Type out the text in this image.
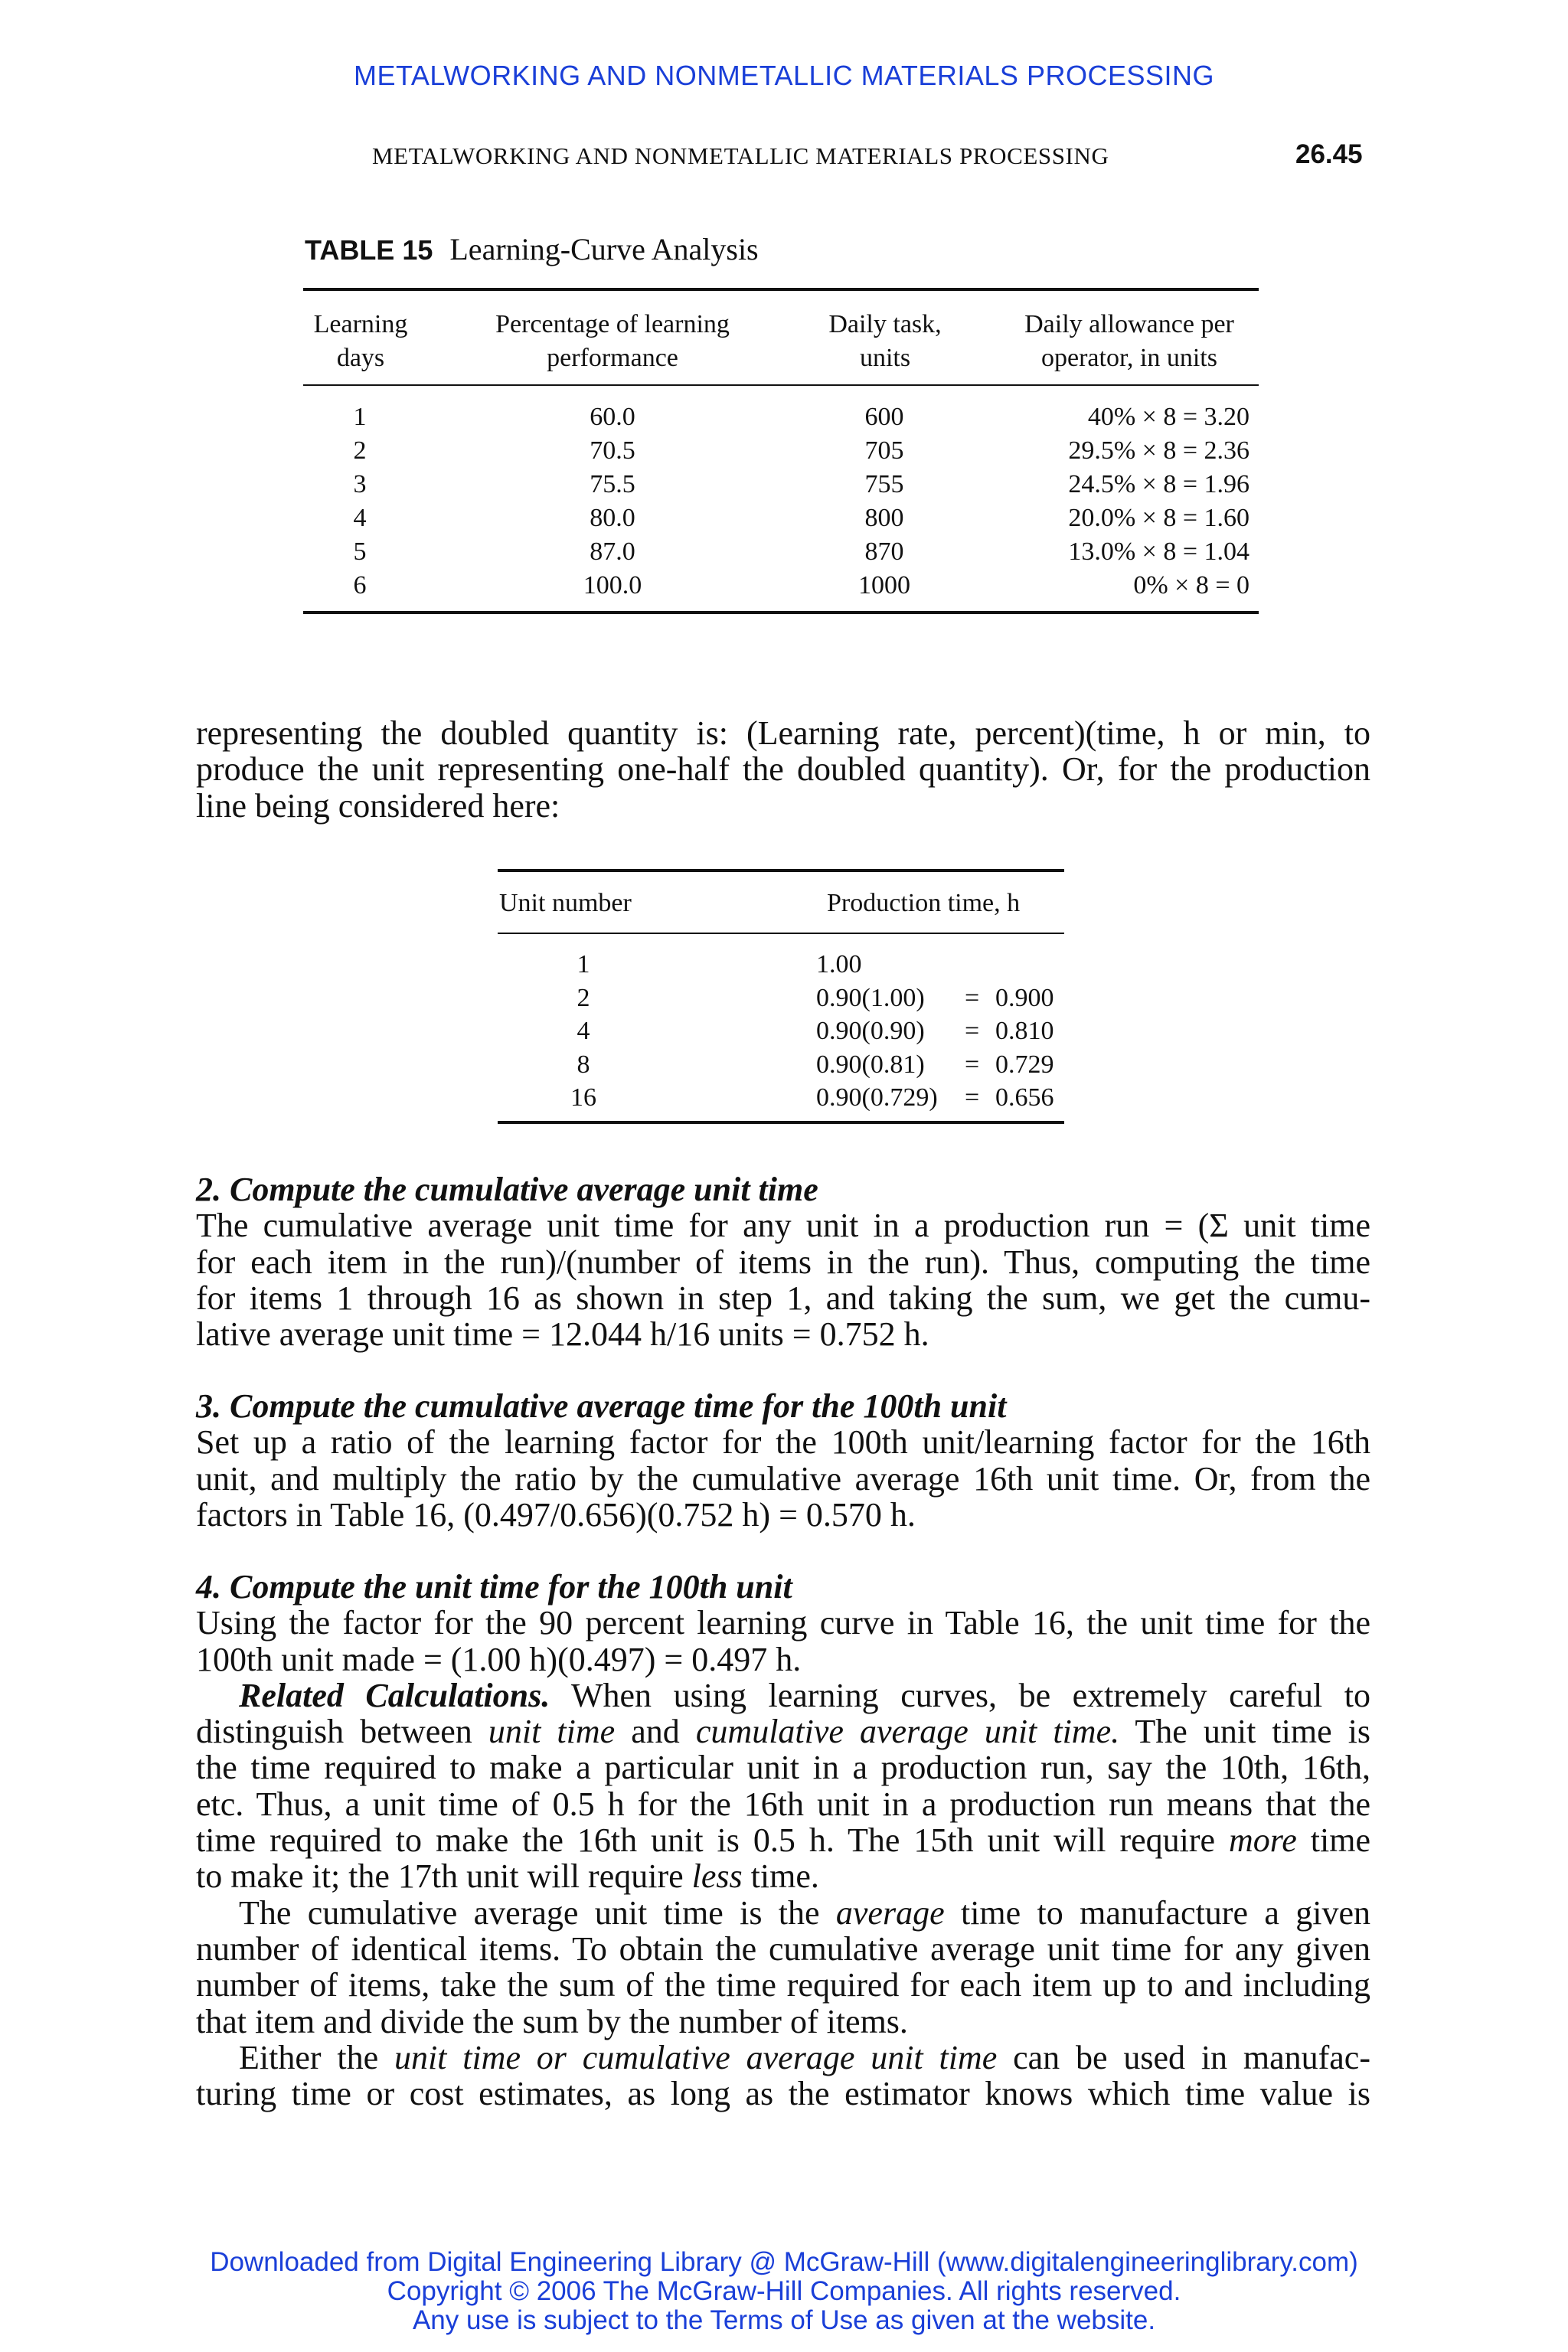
METALWORKING AND NONMETALLIC MATERIALS PROCESSING
METALWORKING AND NONMETALLIC MATERIALS PROCESSING	26.45
TABLE 15 Learning-Curve Analysis
Learning
days
Percentage of learning
performance
Daily task,
units
Daily allowance per
operator, in units
1
2
3
4
5
6
60.0
70.5
75.5
80.0
87.0
100.0
600
705
755
800
870
1000
40% × 8 = 3.20
29.5% × 8 = 2.36
24.5% × 8 = 1.96
20.0% × 8 = 1.60
13.0% × 8 = 1.04
0% × 8 = 0
representing the doubled quantity is: (Learning rate, percent)(time, h or min, to
produce the unit representing one-half the doubled quantity). Or, for the production
line being considered here:
Unit number	Production time, h
1
2
4
8
16
1.00
0.90(1.00)
0.90(0.90)
0.90(0.81)
0.90(0.729)

=
=
=
=

0.900
0.810
0.729
0.656
2. Compute the cumulative average unit time
The cumulative average unit time for any unit in a production run = (Σ unit time
for each item in the run)/(number of items in the run). Thus, computing the time
for items 1 through 16 as shown in step 1, and taking the sum, we get the cumu-
lative average unit time = 12.044 h/16 units = 0.752 h.
3. Compute the cumulative average time for the 100th unit
Set up a ratio of the learning factor for the 100th unit/learning factor for the 16th
unit, and multiply the ratio by the cumulative average 16th unit time. Or, from the
factors in Table 16, (0.497/0.656)(0.752 h) = 0.570 h.
4. Compute the unit time for the 100th unit
Using the factor for the 90 percent learning curve in Table 16, the unit time for the
100th unit made = (1.00 h)(0.497) = 0.497 h.
Related Calculations. When using learning curves, be extremely careful to
distinguish between unit time and cumulative average unit time. The unit time is
the time required to make a particular unit in a production run, say the 10th, 16th,
etc. Thus, a unit time of 0.5 h for the 16th unit in a production run means that the
time required to make the 16th unit is 0.5 h. The 15th unit will require more time
to make it; the 17th unit will require less time.
The cumulative average unit time is the average time to manufacture a given
number of identical items. To obtain the cumulative average unit time for any given
number of items, take the sum of the time required for each item up to and including
that item and divide the sum by the number of items.
Either the unit time or cumulative average unit time can be used in manufac-
turing time or cost estimates, as long as the estimator knows which time value is
Downloaded from Digital Engineering Library @ McGraw-Hill (www.digitalengineeringlibrary.com)
Copyright © 2006 The McGraw-Hill Companies. All rights reserved.
Any use is subject to the Terms of Use as given at the website.
